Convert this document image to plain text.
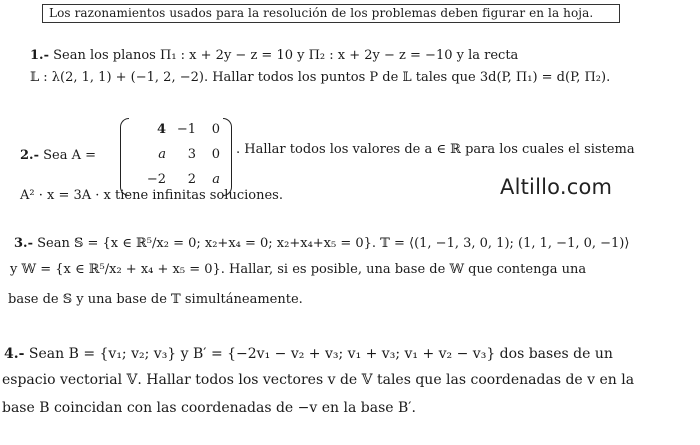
Los razonamientos usados para la resolución de los problemas deben figurar en la hoja.
1.- Sean los planos Π₁ : x + 2y − z = 10 y Π₂ : x + 2y − z = −10 y la recta
𝕃 : λ(2, 1, 1) + (−1, 2, −2). Hallar todos los puntos P de 𝕃 tales que 3d(P, Π₁) = d(P, Π₂).
2.- Sea A =
4 −1	0
a	3	0
−2	2	a
. Hallar todos los valores de a ∈ ℝ para los cuales el sistema
A² · x = 3A · x tiene infinitas soluciones.	Altillo.com
3.- Sean 𝕊 = {x ∈ ℝ⁵/x₂ = 0; x₂+x₄ = 0; x₂+x₄+x₅ = 0}. 𝕋 = ⟨(1, −1, 3, 0, 1); (1, 1, −1, 0, −1)⟩
y 𝕎 = {x ∈ ℝ⁵/x₂ + x₄ + x₅ = 0}. Hallar, si es posible, una base de 𝕎 que contenga una
base de 𝕊 y una base de 𝕋 simultáneamente.
4.- Sean B = {v₁; v₂; v₃} y B′ = {−2v₁ − v₂ + v₃; v₁ + v₃; v₁ + v₂ − v₃} dos bases de un
espacio vectorial 𝕍. Hallar todos los vectores v de 𝕍 tales que las coordenadas de v en la
base B coincidan con las coordenadas de −v en la base B′.
